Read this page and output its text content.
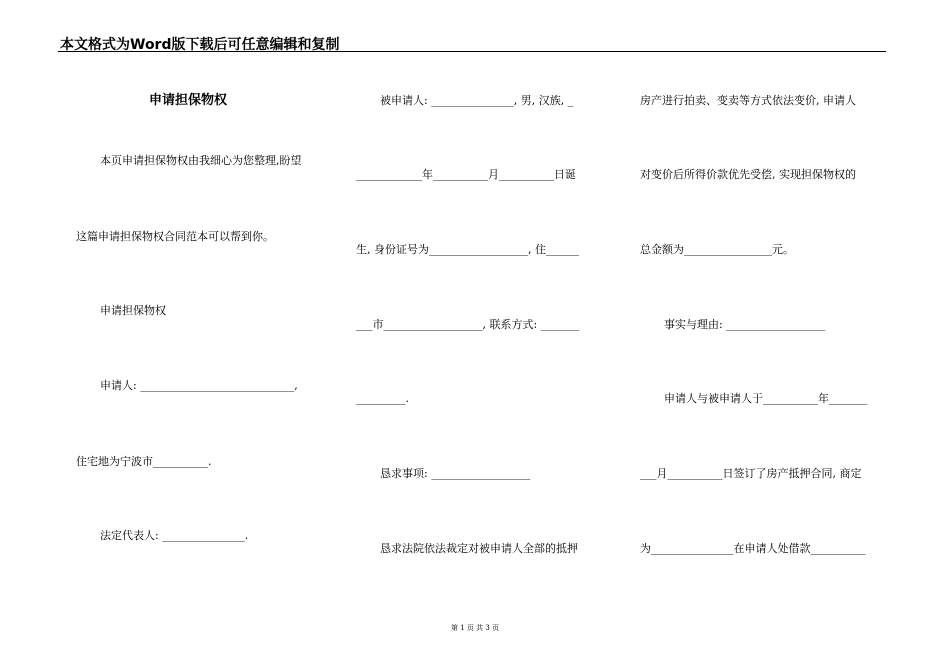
本文格式为Word版下载后可任意编辑和复制
申请担保物权
本页申请担保物权由我细心为您整理,盼望
这篇申请担保物权合同范本可以帮到你。
申请担保物权
申请人: ____________________________,
住宅地为宁波市__________.
法定代表人: _______________.
被申请人: _______________, 男, 汉族, _
____________年__________月__________日诞
生, 身份证号为__________________, 住______
___市__________________, 联系方式: _______
_________.
恳求事项: __________________
恳求法院依法裁定对被申请人全部的抵押
房产进行拍卖、变卖等方式依法变价, 申请人
对变价后所得价款优先受偿, 实现担保物权的
总金额为________________元。
事实与理由: __________________
申请人与被申请人于__________年_______
___月__________日签订了房产抵押合同, 商定
为_______________在申请人处借款__________
第 1 页 共 3 页
